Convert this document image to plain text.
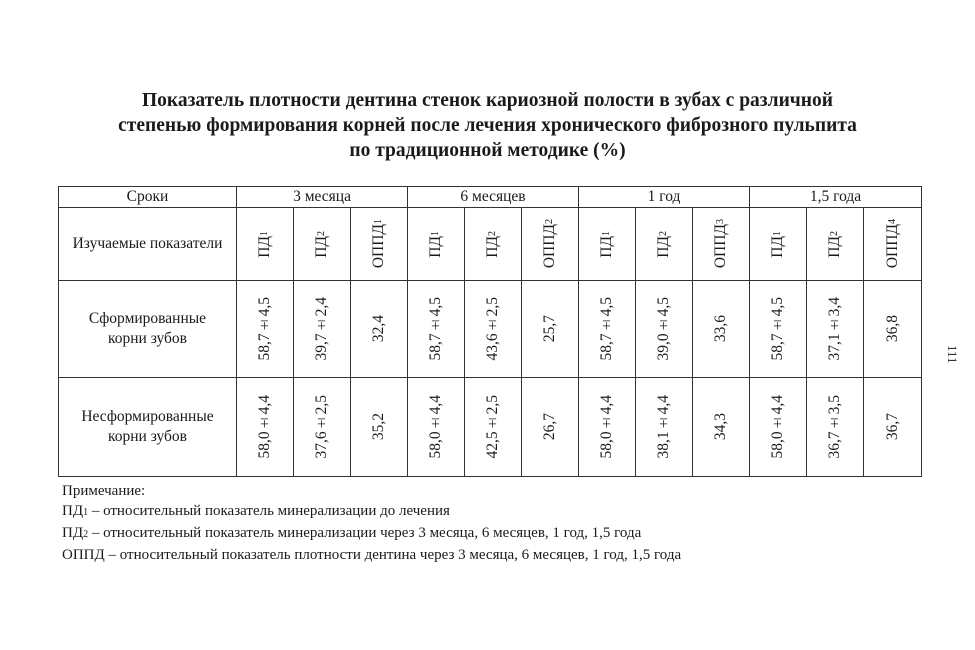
Показатель плотности дентина стенок кариозной полости в зубах с различной
степенью формирования корней после лечения хронического фиброзного пульпита
по традиционной методике (%)
Сроки	3 месяца			6 месяцев			1 год			1,5 года		
Изучаемые показатели	ПД1	ПД2	ОППД1	ПД1	ПД2	ОППД2	ПД1	ПД2	ОППД3	ПД1	ПД2	ОППД4

Сформированные
корни зубов	58,7±4,5	39,7±2,4	32,4	58,7±4,5	43,6±2,5	25,7	58,7±4,5	39,0±4,5	33,6	58,7±4,5	37,1±3,4	36,8

Несформированные
корни зубов	58,0±4,4	37,6±2,5	35,2	58,0±4,4	42,5±2,5	26,7	58,0±4,4	38,1±4,4	34,3	58,0±4,4	36,7±3,5	36,7
Примечание:
ПД1 – относительный показатель минерализации до лечения
ПД2 – относительный показатель минерализации через 3 месяца, 6 месяцев, 1 год, 1,5 года
ОППД – относительный показатель плотности дентина через 3 месяца, 6 месяцев, 1 год, 1,5 года
111
